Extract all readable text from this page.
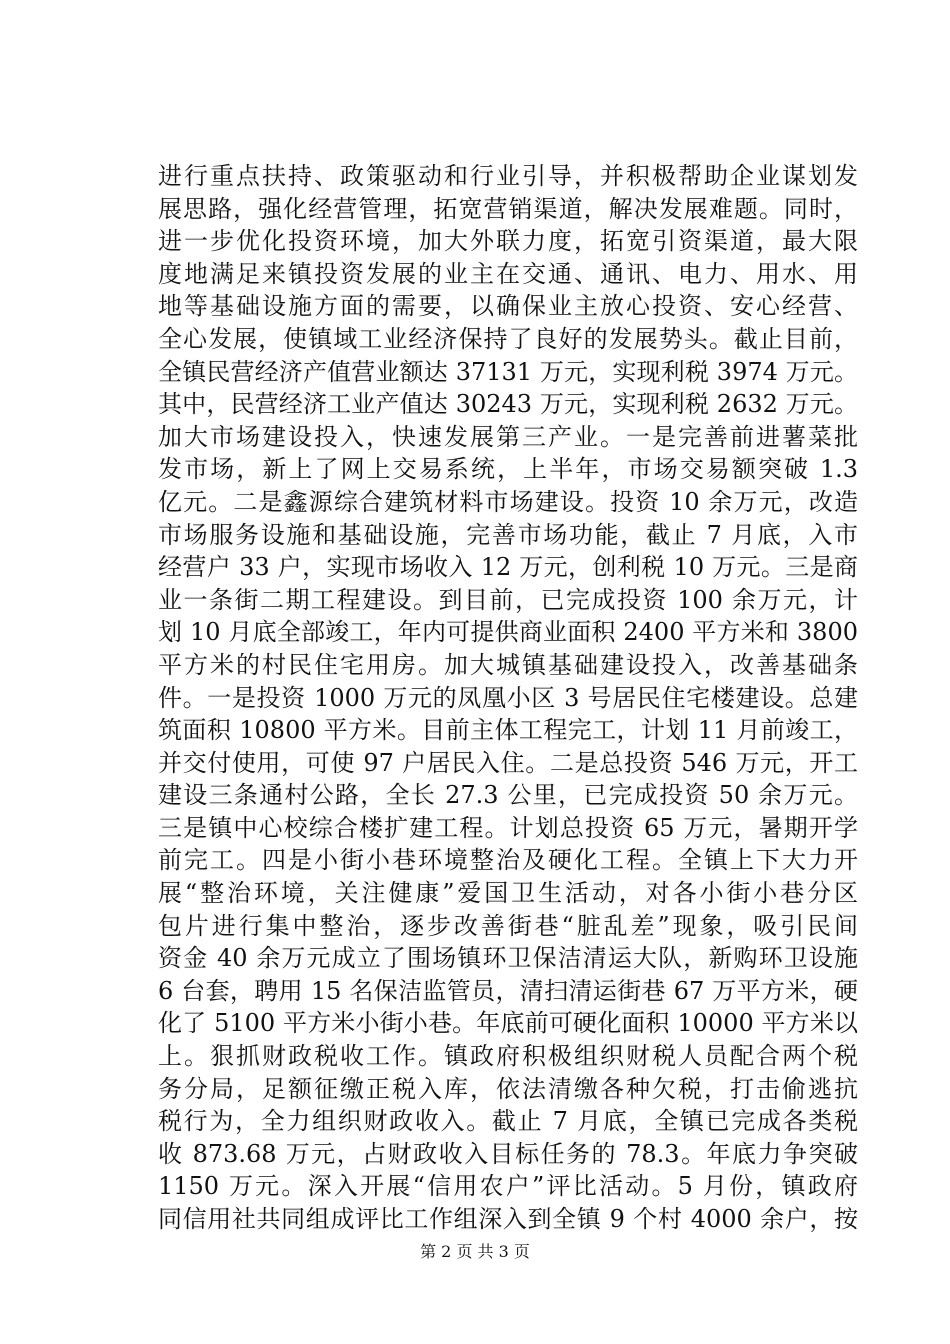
进行重点扶持、政策驱动和行业引导，并积极帮助企业谋划发
展思路，强化经营管理，拓宽营销渠道，解决发展难题。同时，
进一步优化投资环境，加大外联力度，拓宽引资渠道，最大限
度地满足来镇投资发展的业主在交通、通讯、电力、用水、用
地等基础设施方面的需要，以确保业主放心投资、安心经营、
全心发展，使镇域工业经济保持了良好的发展势头。截止目前，
全镇民营经济产值营业额达 37131 万元，实现利税 3974 万元。
其中，民营经济工业产值达 30243 万元，实现利税 2632 万元。
加大市场建设投入，快速发展第三产业。一是完善前进薯菜批
发市场，新上了网上交易系统，上半年，市场交易额突破 1.3
亿元。二是鑫源综合建筑材料市场建设。投资 10 余万元，改造
市场服务设施和基础设施，完善市场功能，截止 7 月底，入市
经营户 33 户，实现市场收入 12 万元，创利税 10 万元。三是商
业一条街二期工程建设。到目前，已完成投资 100 余万元，计
划 10 月底全部竣工，年内可提供商业面积 2400 平方米和 3800
平方米的村民住宅用房。加大城镇基础建设投入，改善基础条
件。一是投资 1000 万元的凤凰小区 3 号居民住宅楼建设。总建
筑面积 10800 平方米。目前主体工程完工，计划 11 月前竣工，
并交付使用，可使 97 户居民入住。二是总投资 546 万元，开工
建设三条通村公路，全长 27.3 公里，已完成投资 50 余万元。
三是镇中心校综合楼扩建工程。计划总投资 65 万元，暑期开学
前完工。四是小街小巷环境整治及硬化工程。全镇上下大力开
展“整治环境，关注健康”爱国卫生活动，对各小街小巷分区
包片进行集中整治，逐步改善街巷“脏乱差”现象，吸引民间
资金 40 余万元成立了围场镇环卫保洁清运大队，新购环卫设施
6 台套，聘用 15 名保洁监管员，清扫清运街巷 67 万平方米，硬
化了 5100 平方米小街小巷。年底前可硬化面积 10000 平方米以
上。狠抓财政税收工作。镇政府积极组织财税人员配合两个税
务分局，足额征缴正税入库，依法清缴各种欠税，打击偷逃抗
税行为，全力组织财政收入。截止 7 月底，全镇已完成各类税
收 873.68 万元，占财政收入目标任务的 78.3。年底力争突破
1150 万元。深入开展“信用农户”评比活动。5 月份，镇政府
同信用社共同组成评比工作组深入到全镇 9 个村 4000 余户，按
第 2 页 共 3 页
